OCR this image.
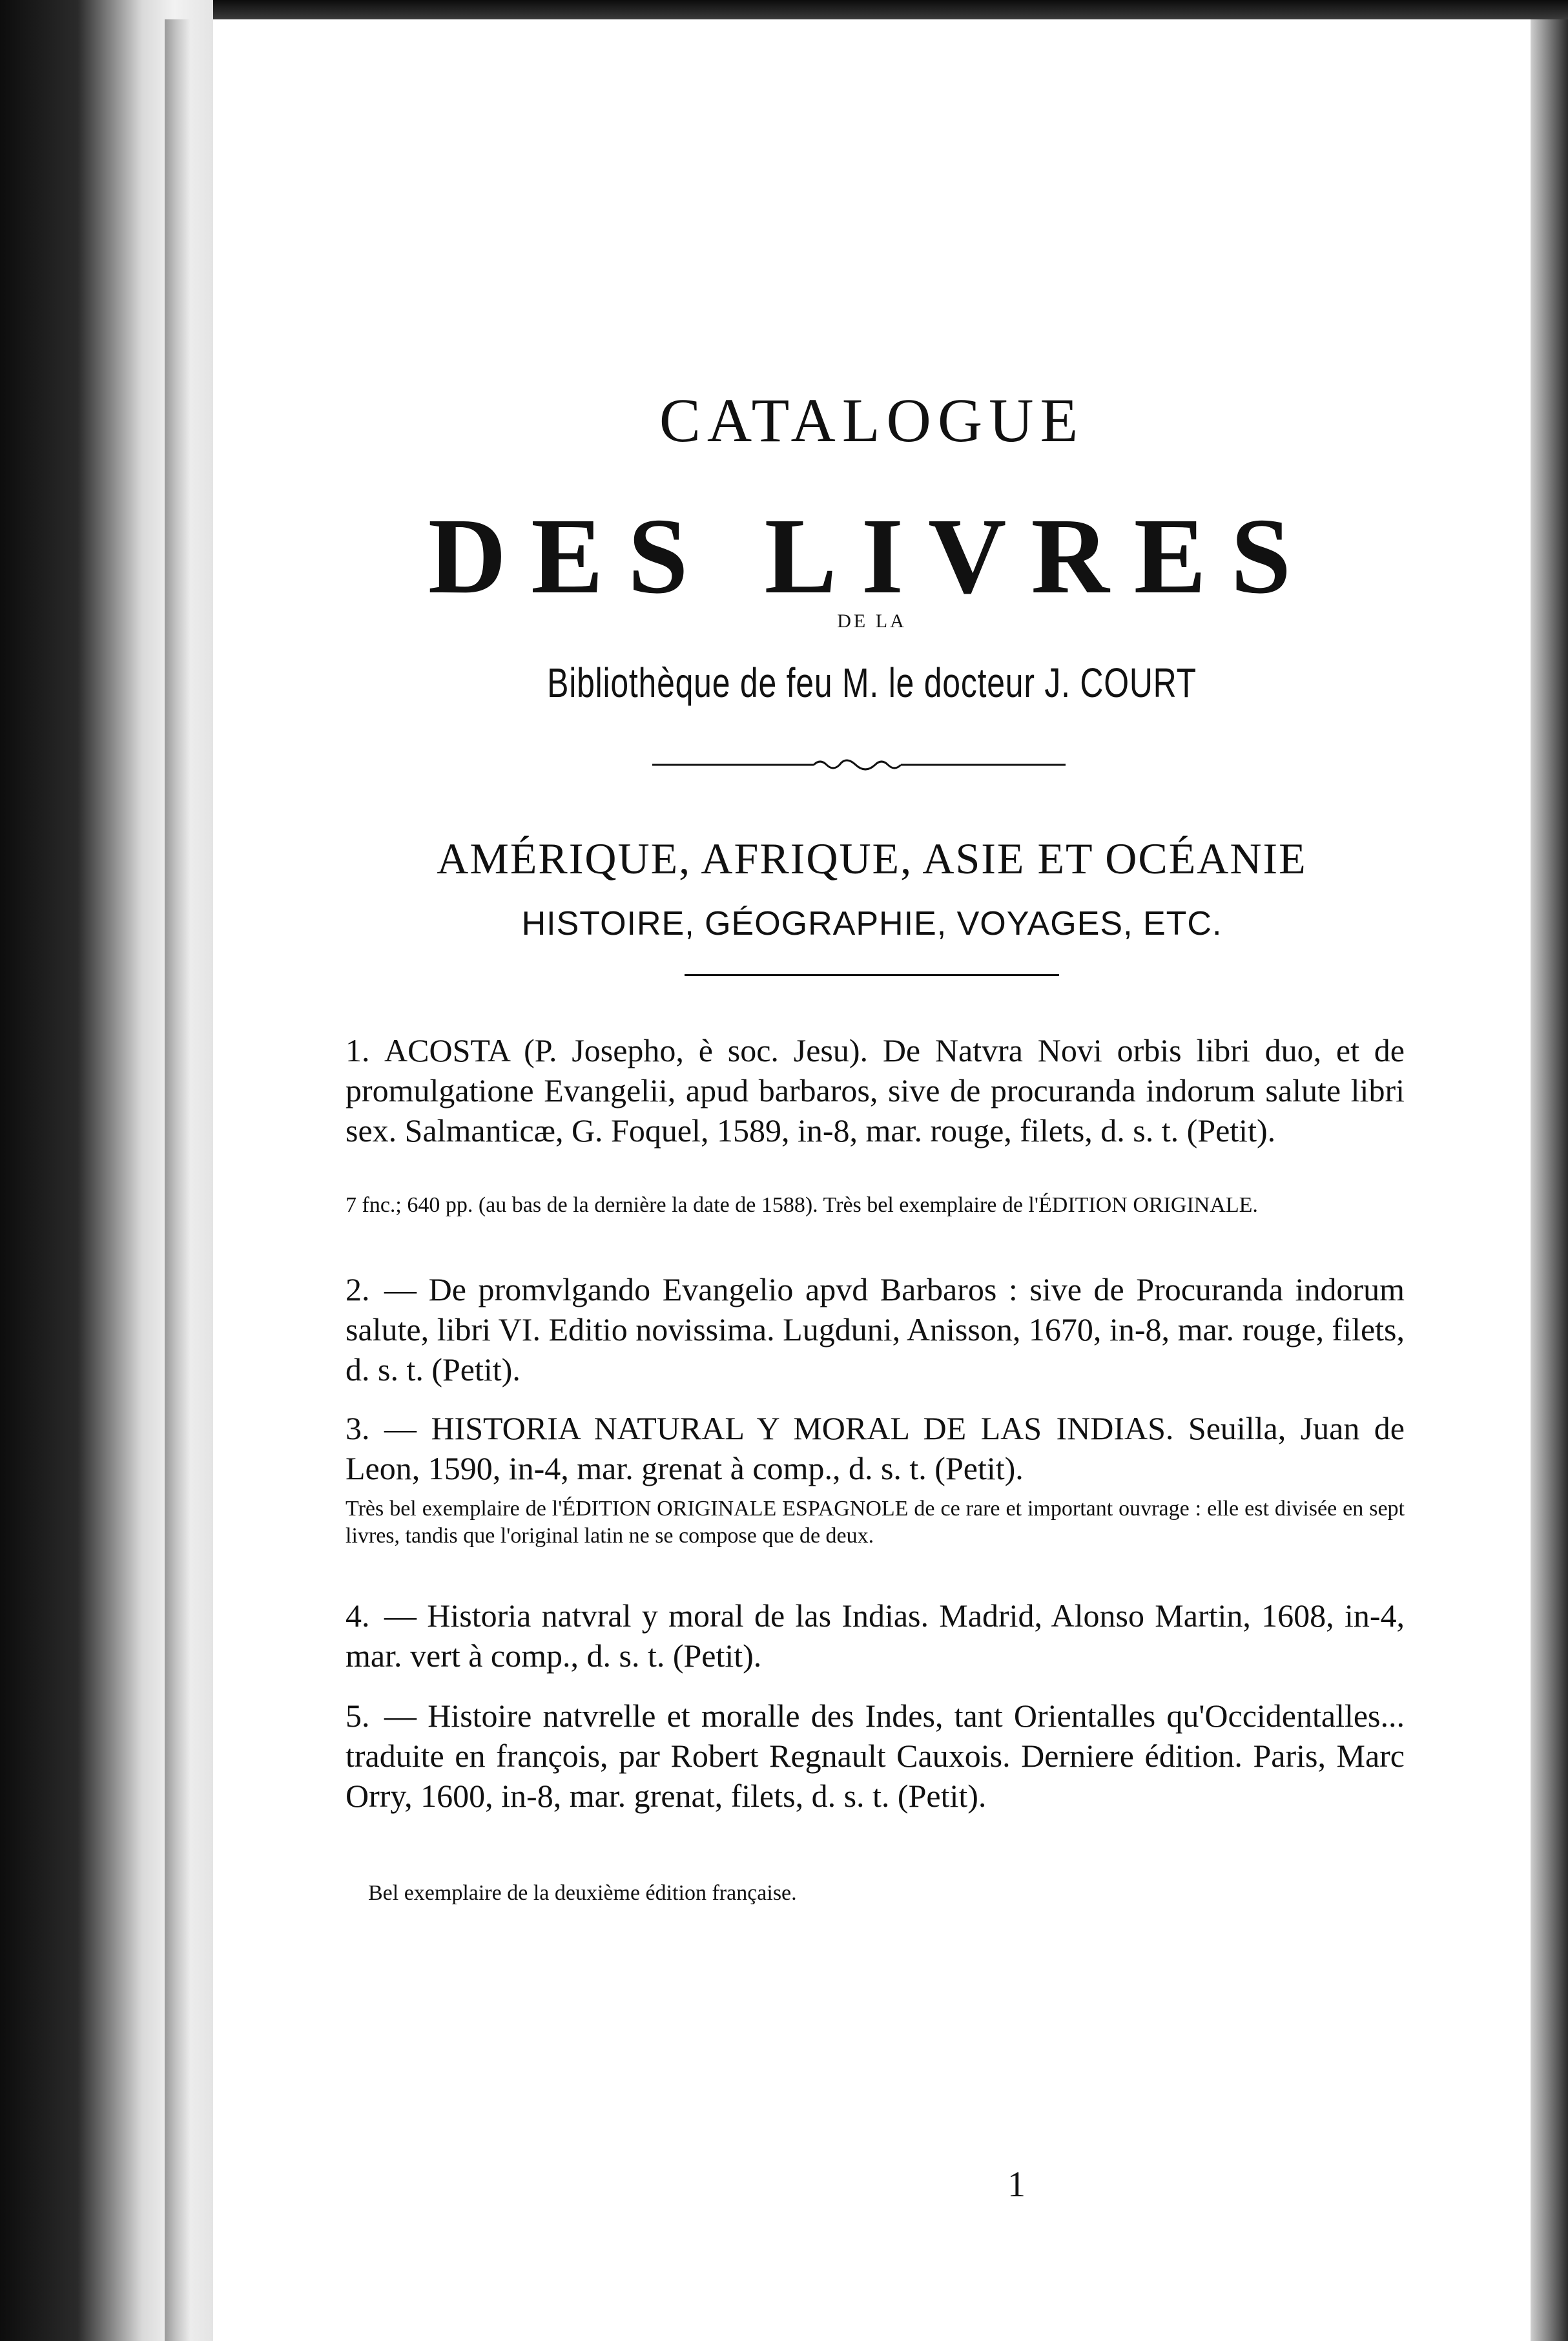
CATALOGUE
DES LIVRES
DE LA
Bibliothèque de feu M. le docteur J. COURT
AMÉRIQUE, AFRIQUE, ASIE ET OCÉANIE
HISTOIRE, GÉOGRAPHIE, VOYAGES, ETC.
1. ACOSTA (P. Josepho, è soc. Jesu). De Natvra Novi orbis libri duo, et de promulgatione Evangelii, apud barbaros, sive de procuranda indorum salute libri sex. Salmanticæ, G. Foquel, 1589, in-8, mar. rouge, filets, d. s. t. (Petit).
7 fnc.; 640 pp. (au bas de la dernière la date de 1588). Très bel exemplaire de l'ÉDITION ORIGINALE.
2. — De promvlgando Evangelio apvd Barbaros : sive de Procuranda indorum salute, libri VI. Editio novissima. Lugduni, Anisson, 1670, in-8, mar. rouge, filets, d. s. t. (Petit).
3. — HISTORIA NATURAL Y MORAL DE LAS INDIAS. Seuilla, Juan de Leon, 1590, in-4, mar. grenat à comp., d. s. t. (Petit).
Très bel exemplaire de l'ÉDITION ORIGINALE ESPAGNOLE de ce rare et important ouvrage : elle est divisée en sept livres, tandis que l'original latin ne se compose que de deux.
4. — Historia natvral y moral de las Indias. Madrid, Alonso Martin, 1608, in-4, mar. vert à comp., d. s. t. (Petit).
5. — Histoire natvrelle et moralle des Indes, tant Orientalles qu'Occidentalles... traduite en françois, par Robert Regnault Cauxois. Derniere édition. Paris, Marc Orry, 1600, in-8, mar. grenat, filets, d. s. t. (Petit).
Bel exemplaire de la deuxième édition française.
1
